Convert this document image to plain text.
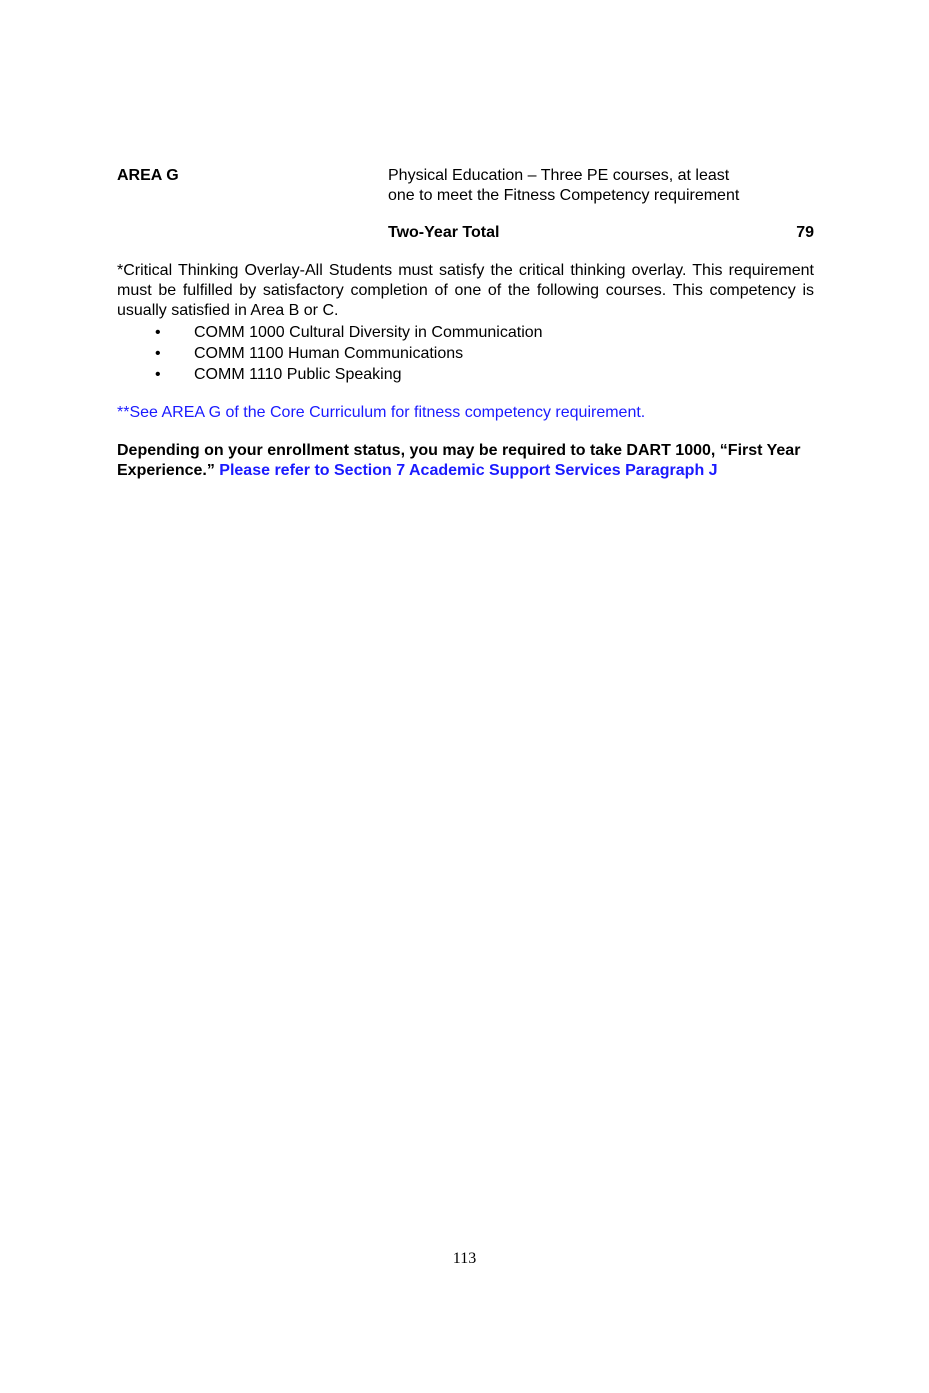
AREA G	Physical Education – Three PE courses, at least
one to meet the Fitness Competency requirement
Two-Year Total	79
*Critical Thinking Overlay-All Students must satisfy the critical thinking overlay. This requirement must be fulfilled by satisfactory completion of one of the following courses. This competency is usually satisfied in Area B or C.
• COMM 1000 Cultural Diversity in Communication
• COMM 1100 Human Communications
• COMM 1110 Public Speaking
**See AREA G of the Core Curriculum for fitness competency requirement.
Depending on your enrollment status, you may be required to take DART 1000, “First Year Experience.” Please refer to Section 7 Academic Support Services Paragraph J
113
